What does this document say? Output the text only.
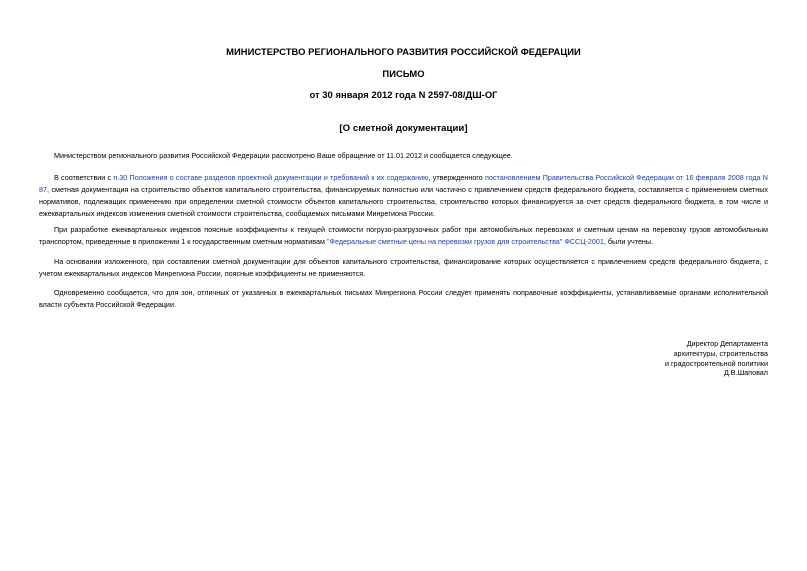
МИНИСТЕРСТВО РЕГИОНАЛЬНОГО РАЗВИТИЯ РОССИЙСКОЙ ФЕДЕРАЦИИ
ПИСЬМО
от 30 января 2012 года N 2597-08/ДШ-ОГ
[О сметной документации]

Министерством регионального развития Российской Федерации рассмотрено Ваше обращение от 11.01.2012 и сообщается следующее.

В соответствии с п.30 Положения о составе разделов проектной документации и требований к их содержанию, утвержденного постановлением Правительства Российской Федерации от 16 февраля 2008 года N 87, сметная документация на строительство объектов капитального строительства, финансируемых полностью или частично с привлечением средств федерального бюджета, составляется с применением сметных нормативов, подлежащих применению при определении сметной стоимости объектов капитального строительства, строительство которых финансируется за счет средств федерального бюджета, в том числе и ежеквартальных индексов изменения сметной стоимости строительства, сообщаемых письмами Минрегиона России.

При разработке ежеквартальных индексов поясные коэффициенты к текущей стоимости погрузо-разгрузочных работ при автомобильных перевозках и сметным ценам на перевозку грузов автомобильным транспортом, приведенные в приложении 1 к государственным сметным нормативам "Федеральные сметные цены на перевозки грузов для строительства" ФССЦ-2001, были учтены.

На основании изложенного, при составлении сметной документации для объектов капитального строительства, финансирование которых осуществляется с привлечением средств федерального бюджета, с учетом ежеквартальных индексов Минрегиона России, поясные коэффициенты не применяются.

Одновременно сообщается, что для зон, отличных от указанных в ежеквартальных письмах Минрегиона России следует применять поправочные коэффициенты, устанавливаемые органами исполнительной власти субъекта Российской Федерации.

Директор Департамента
архитектуры, строительства
и градостроительной политики
Д.В.Шаповал
